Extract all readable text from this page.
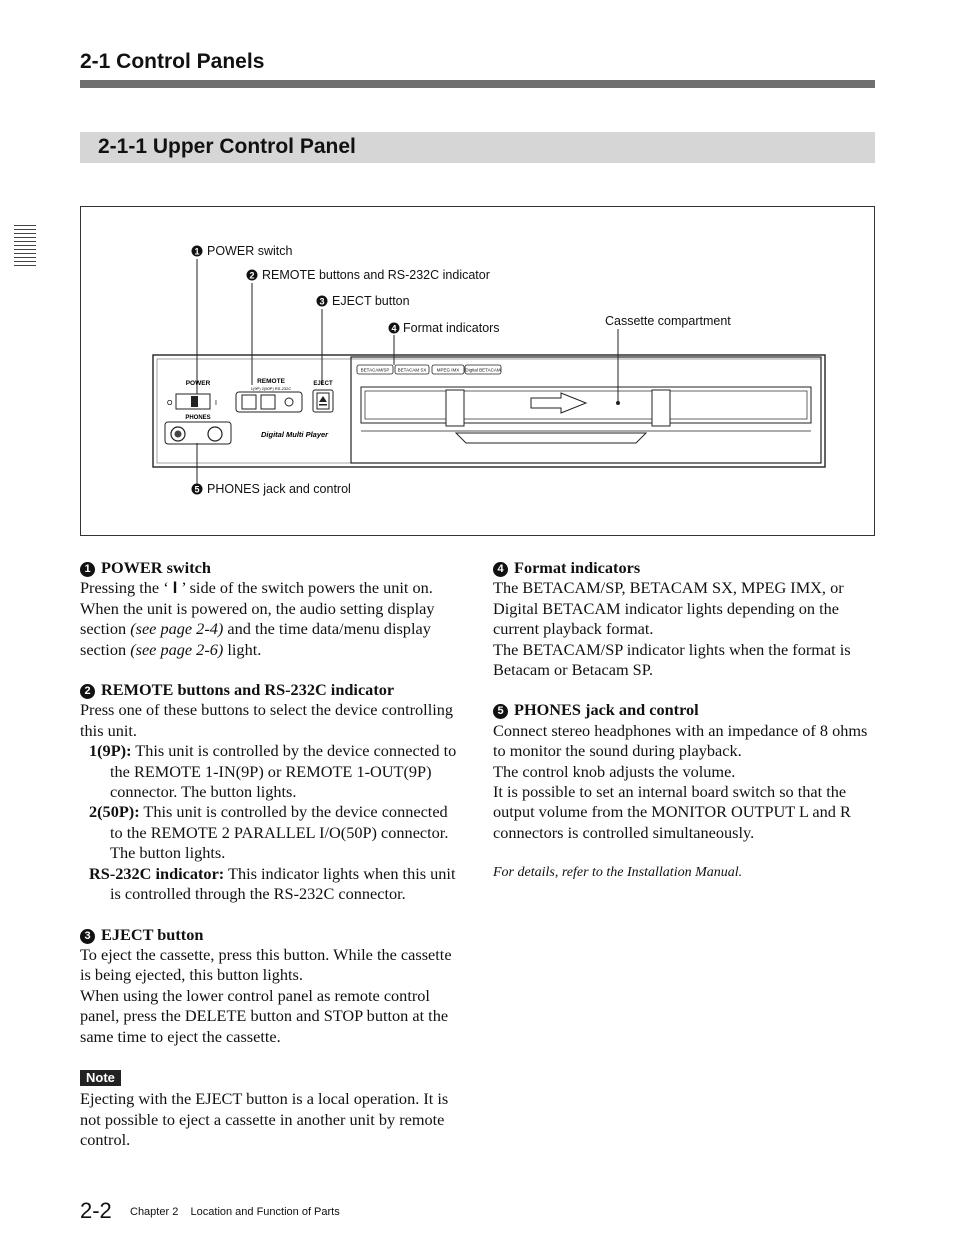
2-1 Control Panels
2-1-1 Upper Control Panel
1
2
3
4
5
POWER switch
REMOTE buttons and RS-232C indicator
EJECT button
Format indicators	Cassette compartment
PHONES jack and control
POWER
O	I
PHONES
REMOTE
1(9P) 2(50P) RS-232C
EJECT
Digital Multi Player
BETACAM/SP BETACAM SX MPEG IMX Digital BETACAM

1 POWER switch

Pressing the ‘ I ’ side of the switch powers the unit on. When the unit is powered on, the audio setting display section (see page 2-4) and the time data/menu display section (see page 2-6) light.

2 REMOTE buttons and RS-232C indicator

Press one of these buttons to select the device controlling this unit.

1(9P): This unit is controlled by the device connected to the REMOTE 1-IN(9P) or REMOTE 1-OUT(9P) connector. The button lights.

2(50P): This unit is controlled by the device connected to the REMOTE 2 PARALLEL I/O(50P) connector. The button lights.

RS-232C indicator: This indicator lights when this unit is controlled through the RS-232C connector.

3 EJECT button

To eject the cassette, press this button. While the cassette is being ejected, this button lights.

When using the lower control panel as remote control panel, press the DELETE button and STOP button at the same time to eject the cassette.

Note

Ejecting with the EJECT button is a local operation. It is not possible to eject a cassette in another unit by remote control.

4 Format indicators

The BETACAM/SP, BETACAM SX, MPEG IMX, or Digital BETACAM indicator lights depending on the current playback format.

The BETACAM/SP indicator lights when the format is Betacam or Betacam SP.

5 PHONES jack and control

Connect stereo headphones with an impedance of 8 ohms to monitor the sound during playback.

The control knob adjusts the volume.

It is possible to set an internal board switch so that the output volume from the MONITOR OUTPUT L and R connectors is controlled simultaneously.

For details, refer to the Installation Manual.

2-2 Chapter 2    Location and Function of Parts
